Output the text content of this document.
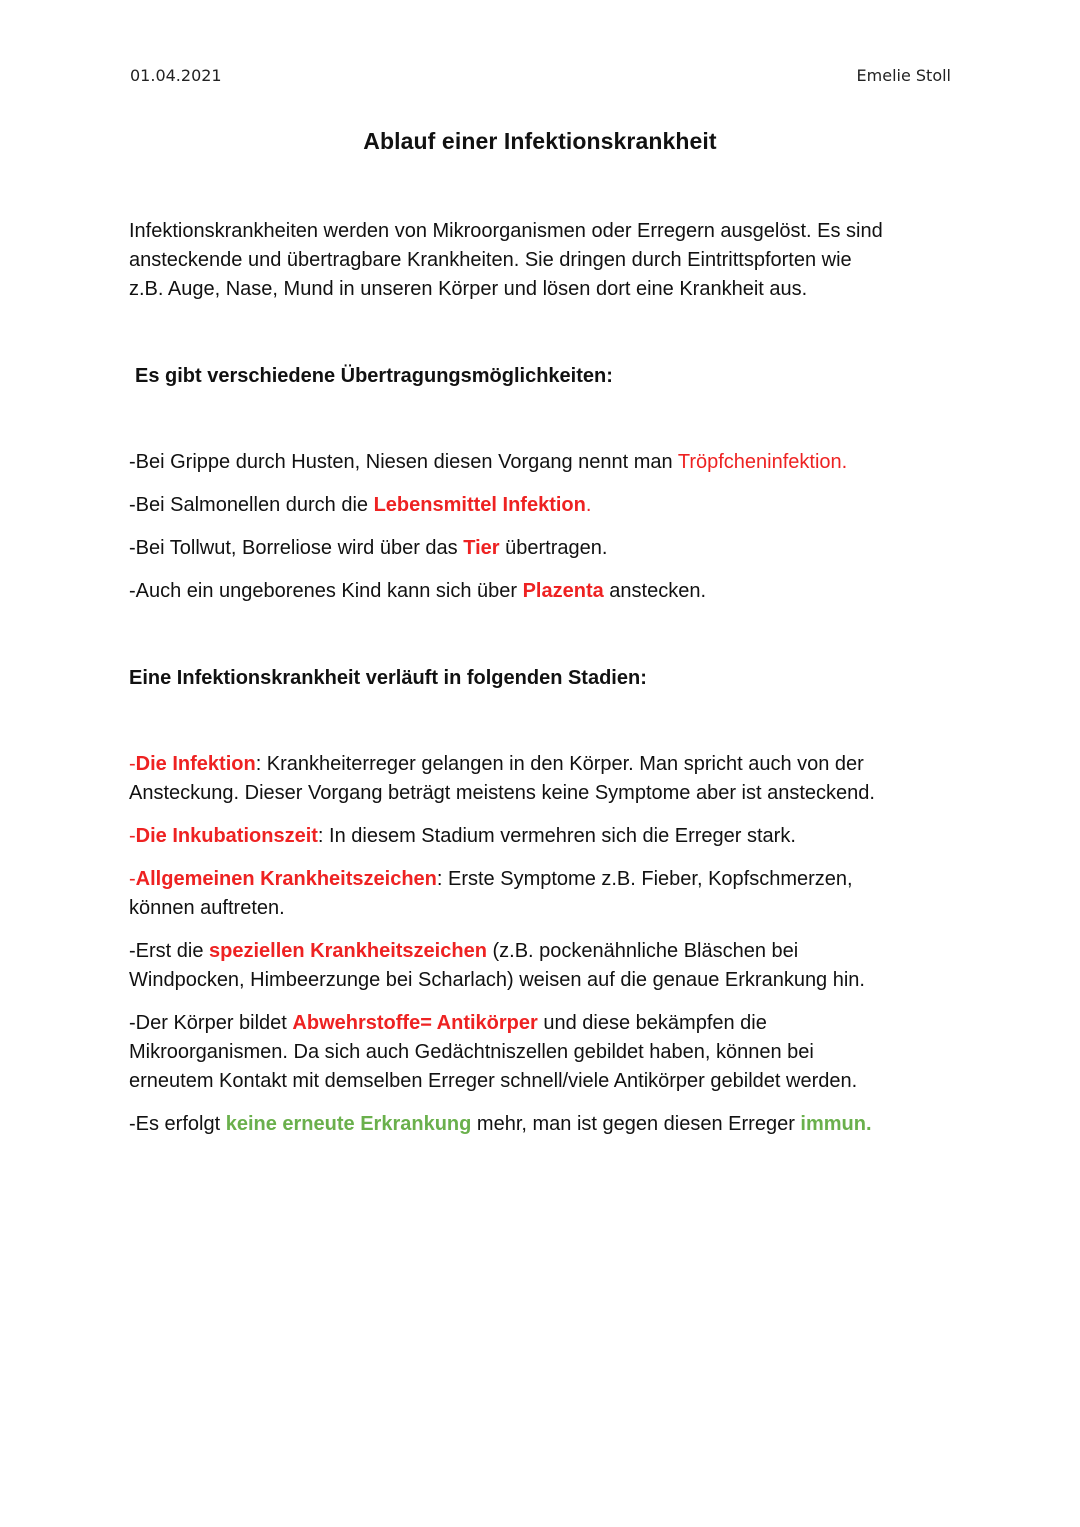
01.04.2021	Emelie Stoll
Ablauf einer Infektionskrankheit
Infektionskrankheiten werden von Mikroorganismen oder Erregern ausgelöst. Es sind
ansteckende und übertragbare Krankheiten. Sie dringen durch Eintrittspforten wie
z.B. Auge, Nase, Mund in unseren Körper und lösen dort eine Krankheit aus.
Es gibt verschiedene Übertragungsmöglichkeiten:

-Bei Grippe durch Husten, Niesen diesen Vorgang nennt man Tröpfcheninfektion.

-Bei Salmonellen durch die Lebensmittel Infektion.

-Bei Tollwut, Borreliose wird über das Tier übertragen.

-Auch ein ungeborenes Kind kann sich über Plazenta anstecken.

Eine Infektionskrankheit verläuft in folgenden Stadien:

-Die Infektion: Krankheiterreger gelangen in den Körper. Man spricht auch von der
Ansteckung. Dieser Vorgang beträgt meistens keine Symptome aber ist ansteckend.

-Die Inkubationszeit: In diesem Stadium vermehren sich die Erreger stark.

-Allgemeinen Krankheitszeichen: Erste Symptome z.B. Fieber, Kopfschmerzen,
können auftreten.

-Erst die speziellen Krankheitszeichen (z.B. pockenähnliche Bläschen bei
Windpocken, Himbeerzunge bei Scharlach) weisen auf die genaue Erkrankung hin.

-Der Körper bildet Abwehrstoffe= Antikörper und diese bekämpfen die
Mikroorganismen. Da sich auch Gedächtniszellen gebildet haben, können bei
erneutem Kontakt mit demselben Erreger schnell/viele Antikörper gebildet werden.

-Es erfolgt keine erneute Erkrankung mehr, man ist gegen diesen Erreger immun.
